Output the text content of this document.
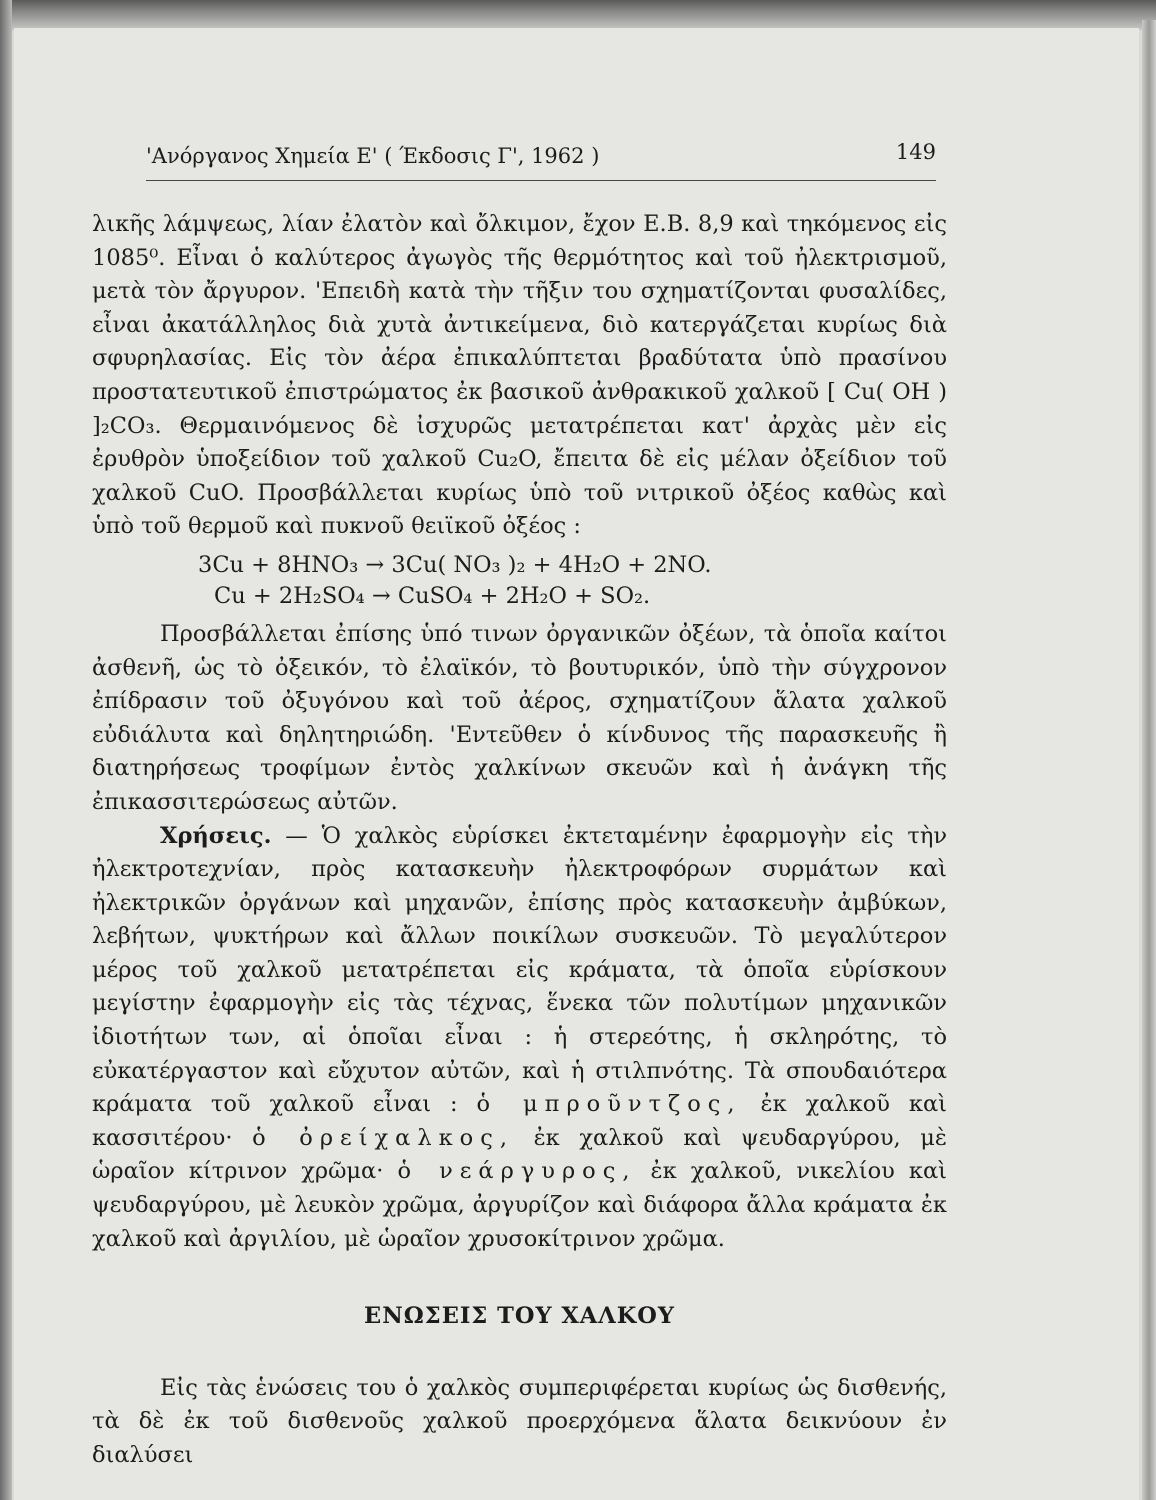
'Ανόργανος Χημεία Ε' ( Έκδοσις Γ', 1962 )	149

λικῆς λάμψεως, λίαν ἐλατὸν καὶ ὄλκιμον, ἔχον Ε.Β. 8,9 καὶ τηκόμενος εἰς 1085⁰. Εἶναι ὁ καλύτερος ἀγωγὸς τῆς θερμότητος καὶ τοῦ ἠλεκτρισμοῦ, μετὰ τὸν ἄργυρον. 'Επειδὴ κατὰ τὴν τῆξιν του σχηματίζονται φυσαλίδες, εἶναι ἀκατάλληλος διὰ χυτὰ ἀντικείμενα, διὸ κατεργάζεται κυρίως διὰ σφυρηλασίας. Εἰς τὸν ἀέρα ἐπικαλύπτεται βραδύτατα ὑπὸ πρασίνου προστατευτικοῦ ἐπιστρώματος ἐκ βασικοῦ ἀνθρακικοῦ χαλκοῦ [ Cu( OH ) ]₂CO₃. Θερμαινόμενος δὲ ἰσχυρῶς μετατρέπεται κατ' ἀρχὰς μὲν εἰς ἐρυθρὸν ὑποξείδιον τοῦ χαλκοῦ Cu₂O, ἔπειτα δὲ εἰς μέλαν ὀξείδιον τοῦ χαλκοῦ CuO. Προσβάλλεται κυρίως ὑπὸ τοῦ νιτρικοῦ ὀξέος καθὼς καὶ ὑπὸ τοῦ θερμοῦ καὶ πυκνοῦ θειϊκοῦ ὀξέος :

3Cu + 8HNO₃ → 3Cu( NO₃ )₂ + 4H₂O + 2NO.
Cu + 2H₂SO₄ → CuSO₄ + 2H₂O + SO₂.

Προσβάλλεται ἐπίσης ὑπό τινων ὀργανικῶν ὀξέων, τὰ ὁποῖα καίτοι ἀσθενῆ, ὡς τὸ ὀξεικόν, τὸ ἐλαϊκόν, τὸ βουτυρικόν, ὑπὸ τὴν σύγχρονον ἐπίδρασιν τοῦ ὀξυγόνου καὶ τοῦ ἀέρος, σχηματίζουν ἅλατα χαλκοῦ εὐδιάλυτα καὶ δηλητηριώδη. 'Εντεῦθεν ὁ κίνδυνος τῆς παρασκευῆς ἢ διατηρήσεως τροφίμων ἐντὸς χαλκίνων σκευῶν καὶ ἡ ἀνάγκη τῆς ἐπικασσιτερώσεως αὐτῶν.

Χρήσεις. — Ὁ χαλκὸς εὑρίσκει ἐκτεταμένην ἐφαρμογὴν εἰς τὴν ἠλεκτροτεχνίαν, πρὸς κατασκευὴν ἠλεκτροφόρων συρμάτων καὶ ἠλεκτρικῶν ὀργάνων καὶ μηχανῶν, ἐπίσης πρὸς κατασκευὴν ἀμβύκων, λεβήτων, ψυκτήρων καὶ ἄλλων ποικίλων συσκευῶν. Τὸ μεγαλύτερον μέρος τοῦ χαλκοῦ μετατρέπεται εἰς κράματα, τὰ ὁποῖα εὑρίσκουν μεγίστην ἐφαρμογὴν εἰς τὰς τέχνας, ἕνεκα τῶν πολυτίμων μηχανικῶν ἰδιοτήτων των, αἱ ὁποῖαι εἶναι : ἡ στερεότης, ἡ σκληρότης, τὸ εὐκατέργαστον καὶ εὔχυτον αὐτῶν, καὶ ἡ στιλπνότης. Τὰ σπουδαιότερα κράματα τοῦ χαλκοῦ εἶναι : ὁ μπροῦντζος, ἐκ χαλκοῦ καὶ κασσιτέρου· ὁ ὀρείχαλκος, ἐκ χαλκοῦ καὶ ψευδαργύρου, μὲ ὡραῖον κίτρινον χρῶμα· ὁ νεάργυρος, ἐκ χαλκοῦ, νικελίου καὶ ψευδαργύρου, μὲ λευκὸν χρῶμα, ἀργυρίζον καὶ διάφορα ἄλλα κράματα ἐκ χαλκοῦ καὶ ἀργιλίου, μὲ ὡραῖον χρυσοκίτρινον χρῶμα.

ΕΝΩΣΕΙΣ ΤΟΥ ΧΑΛΚΟΥ

Εἰς τὰς ἑνώσεις του ὁ χαλκὸς συμπεριφέρεται κυρίως ὡς δισθενής, τὰ δὲ ἐκ τοῦ δισθενοῦς χαλκοῦ προερχόμενα ἅλατα δεικνύουν ἐν διαλύσει
